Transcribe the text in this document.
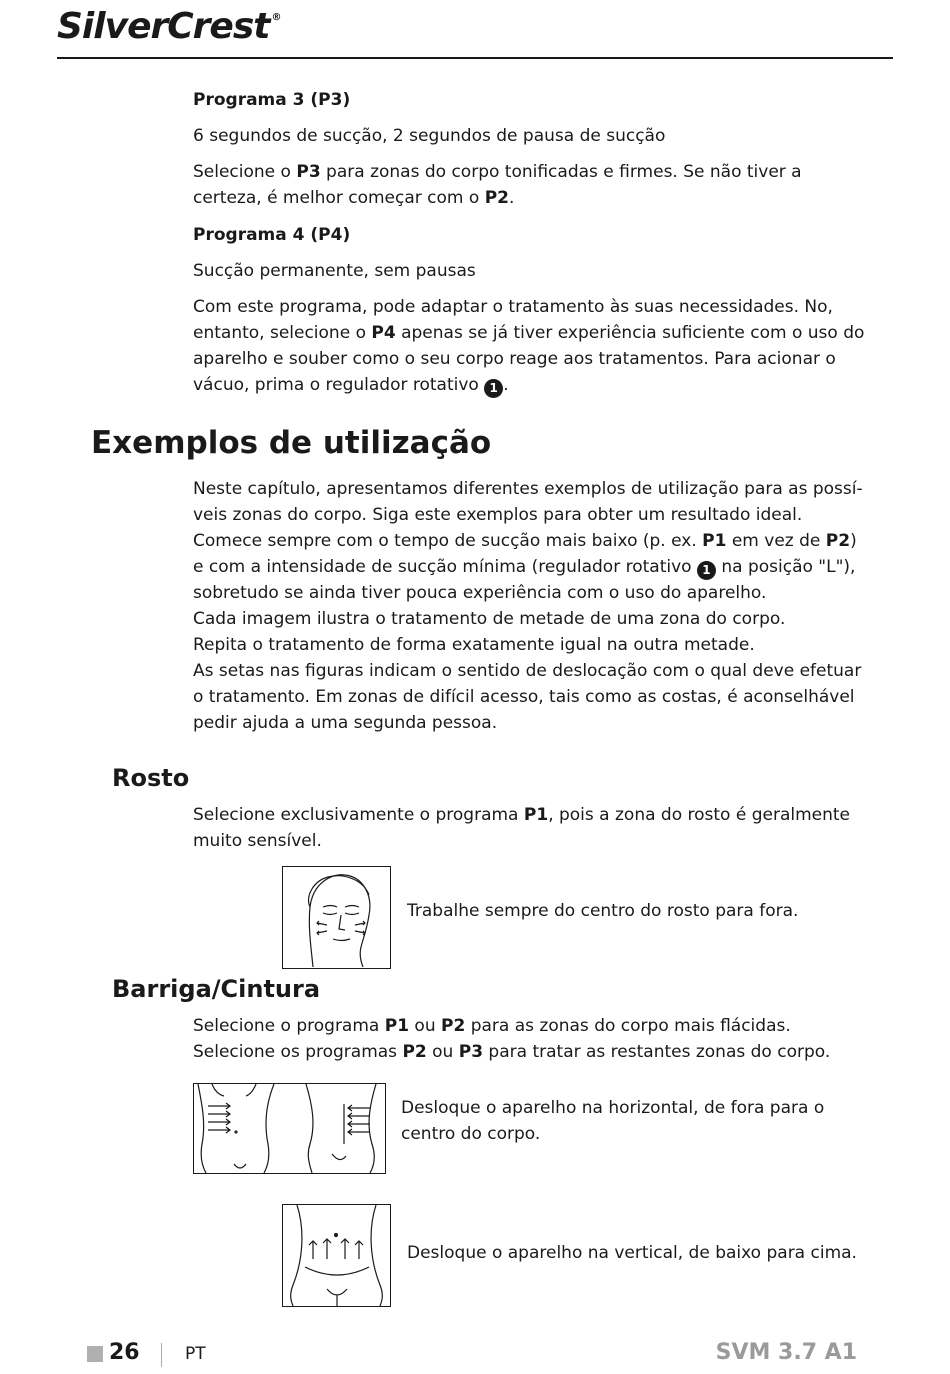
SilverCrest ®
Programa 3 (P3)
6 segundos de sucção, 2 segundos de pausa de sucção
Selecione o P3 para zonas do corpo tonificadas e firmes. Se não tiver a certeza, é melhor começar com o P2.
Programa 4 (P4)
Sucção permanente, sem pausas
Com este programa, pode adaptar o tratamento às suas necessidades. No, entanto, selecione o P4 apenas se já tiver experiência suficiente com o uso do aparelho e souber como o seu corpo reage aos tratamentos. Para acionar o vácuo, prima o regulador rotativo 1 .
Exemplos de utilização

Neste capítulo, apresentamos diferentes exemplos de utilização para as possí-

veis zonas do corpo. Siga este exemplos para obter um resultado ideal.

Comece sempre com o tempo de sucção mais baixo (p. ex. P1 em vez de P2)

e com a intensidade de sucção mínima (regulador rotativo 1 na posição "L"),

sobretudo se ainda tiver pouca experiência com o uso do aparelho.

Cada imagem ilustra o tratamento de metade de uma zona do corpo.

Repita o tratamento de forma exatamente igual na outra metade.

As setas nas figuras indicam o sentido de deslocação com o qual deve efetuar

o tratamento. Em zonas de difícil acesso, tais como as costas, é aconselhável

pedir ajuda a uma segunda pessoa.

Rosto
Selecione exclusivamente o programa P1, pois a zona do rosto é geralmente muito sensível.
Trabalhe sempre do centro do rosto para fora.
Barriga/Cintura

Selecione o programa P1 ou P2 para as zonas do corpo mais flácidas.

Selecione os programas P2 ou P3 para tratar as restantes zonas do corpo.

Desloque o aparelho na horizontal, de fora para o centro do corpo.
Desloque o aparelho na vertical, de baixo para cima.
26	PT	SVM 3.7 A1
